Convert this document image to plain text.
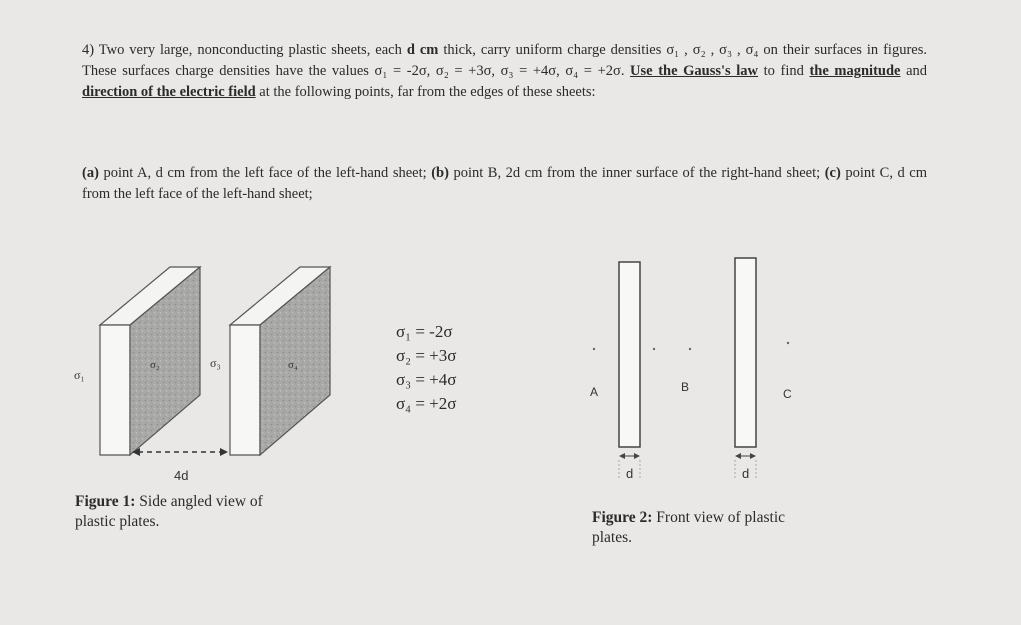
4) Two very large, nonconducting plastic sheets, each d cm thick, carry uniform charge densities σ₁ , σ₂ , σ₃ , σ₄ on their surfaces in figures. These surfaces charge densities have the values σ₁ = -2σ, σ₂ = +3σ, σ₃ = +4σ, σ₄ = +2σ. Use the Gauss's law to find the magnitude and direction of the electric field at the following points, far from the edges of these sheets:
(a) point A, d cm from the left face of the left-hand sheet; (b) point B, 2d cm from the inner surface of the right-hand sheet; (c) point C, d cm from the left face of the left-hand sheet;
σ₁
σ₂	σ₃	σ₄
4d
Figure 1: Side angled view of plastic plates.
σ₁ = -2σ
σ₂ = +3σ
σ₃ = +4σ
σ₄ = +2σ
A	B	C
d	d
Figure 2: Front view of plastic plates.
